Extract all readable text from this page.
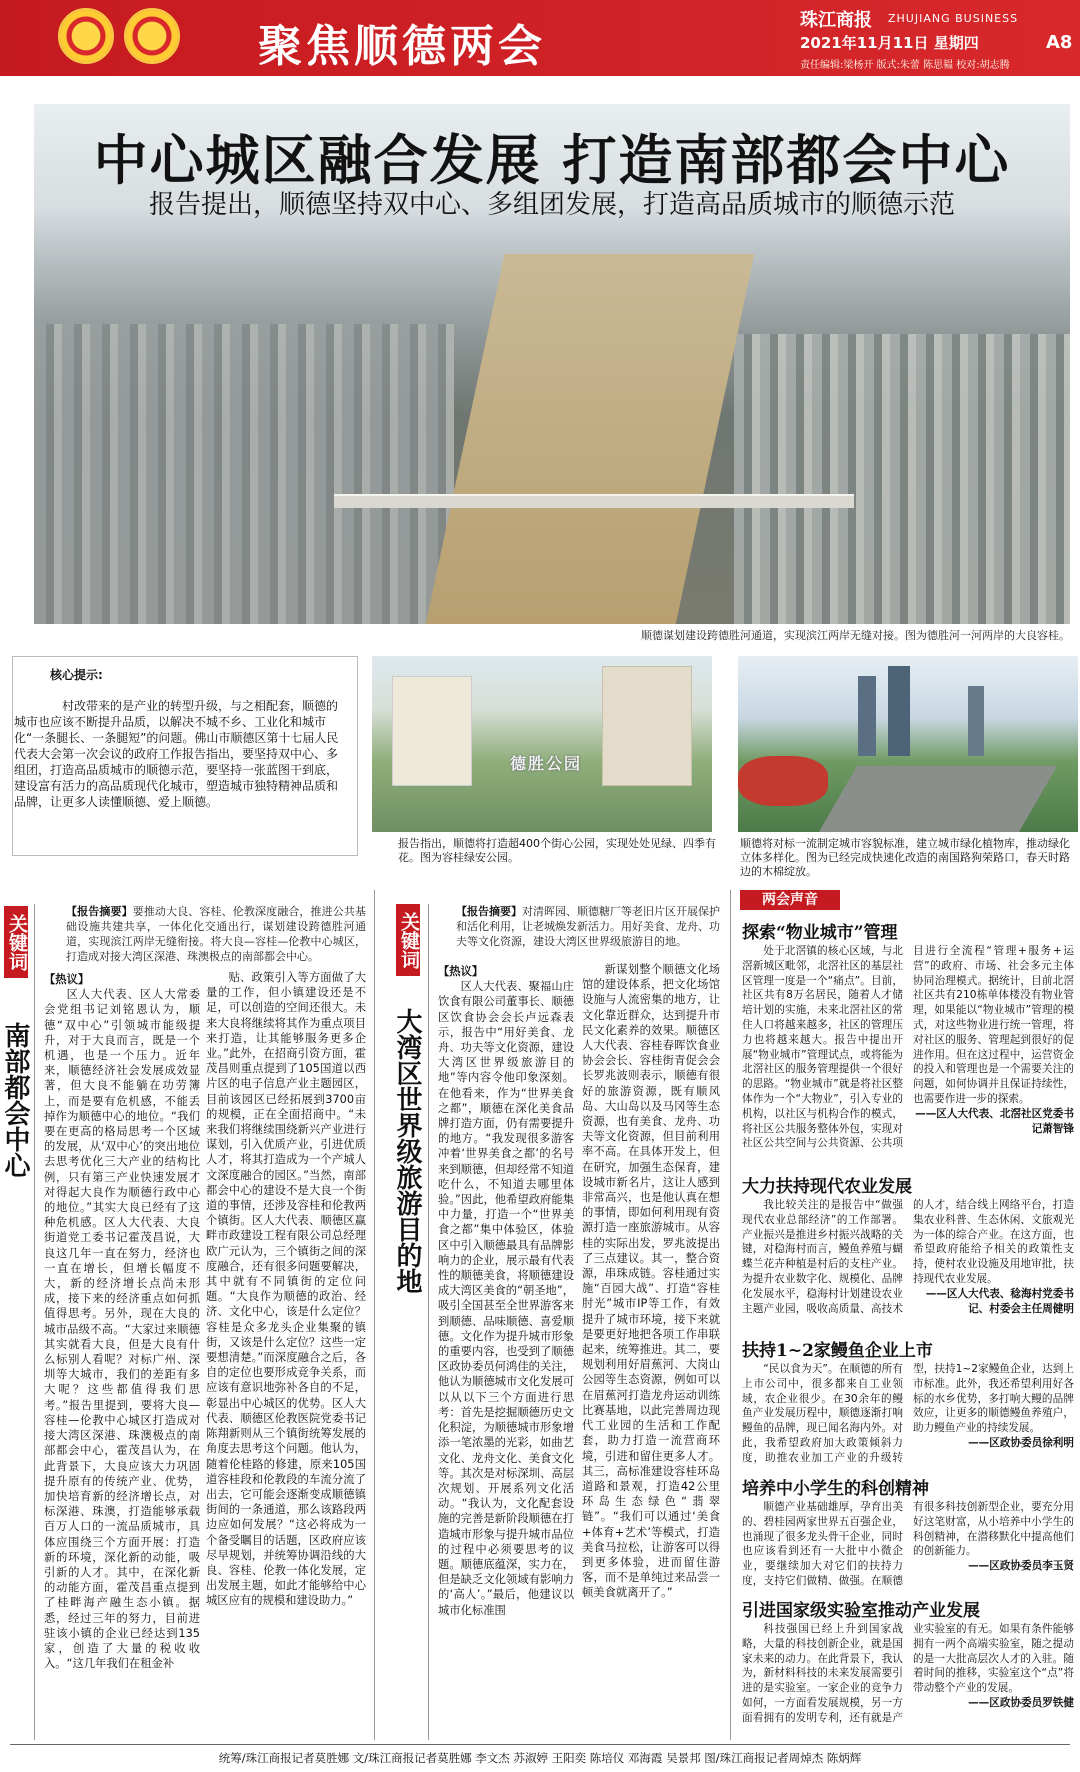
聚焦顺德两会
珠江商报 ZHUJIANG BUSINESS
2021年11月11日 星期四	A8
责任编辑:梁杨开 版式:朱蕾 陈思韫 校对:胡志腾
中心城区融合发展 打造南部都会中心
报告提出，顺德坚持双中心、多组团发展，打造高品质城市的顺德示范
顺德谋划建设跨德胜河通道，实现滨江两岸无缝对接。图为德胜河一河两岸的大良容桂。
核心提示:
村改带来的是产业的转型升级，与之相配套，顺德的城市也应该不断提升品质，以解决不城不乡、工业化和城市化“一条腿长、一条腿短”的问题。佛山市顺德区第十七届人民代表大会第一次会议的政府工作报告指出，要坚持双中心、多组团，打造高品质城市的顺德示范，要坚持一张蓝图干到底，建设富有活力的高品质现代化城市，塑造城市独特精神品质和品牌，让更多人读懂顺德、爱上顺德。
德胜公园
报告指出，顺德将打造超400个街心公园，实现处处见绿、四季有花。图为容桂绿安公园。
顺德将对标一流制定城市容貌标准，建立城市绿化植物库，推动绿化立体多样化。图为已经完成快速化改造的南国路狗荣路口，春天时路边的木棉绽放。
关键词
南部都会中心
【报告摘要】要推动大良、容桂、伦教深度融合，推进公共基础设施共建共享，一体化化交通出行，谋划建设跨德胜河通道，实现滨江两岸无缝衔接。将大良—容桂—伦教中心城区，打造成对接大湾区深港、珠澳极点的南部都会中心。
【热议】

区人大代表、区人大常委会党组书记刘铭恩认为，顺德“双中心”引领城市能级提升，对于大良而言，既是一个机遇，也是一个压力。近年来，顺德经济社会发展成效显著，但大良不能躺在功劳簿上，而是要有危机感，不能丢掉作为顺德中心的地位。“我们要在更高的格局思考一个区域的发展，从‘双中心’的突出地位去思考优化三大产业的结构比例，只有第三产业快速发展才对得起大良作为顺德行政中心的地位。”其实大良已经有了这种危机感。区人大代表、大良街道党工委书记霍茂昌说，大良这几年一直在努力，经济也一直在增长，但增长幅度不大，新的经济增长点尚未形成，接下来的经济重点如何抓值得思考。另外，现在大良的城市品级不高。“大家过来顺德其实就看大良，但是大良有什么标别人看呢？对标广州、深圳等大城市，我们的差距有多大呢？这些都值得我们思考。”报告里提到，要将大良—容桂—伦教中心城区打造成对接大湾区深港、珠澳极点的南部都会中心，霍茂昌认为，在此背景下，大良应该大力巩固提升原有的传统产业、优势，加快培育新的经济增长点，对标深港、珠澳，打造能够承载百万人口的一流品质城市，具体应围绕三个方面开展：打造新的环境，深化新的动能，吸引新的人才。其中，在深化新的动能方面，霍茂昌重点提到了桂畔海产融生态小镇。据悉，经过三年的努力，目前进驻该小镇的企业已经达到135家，创造了大量的税收收入。“这几年我们在租金补

贴、政策引入等方面做了大量的工作，但小镇建设还是不足，可以创造的空间还很大。未来大良将继续将其作为重点项目来打造，让其能够服务更多企业。”此外，在招商引资方面，霍茂昌则重点提到了105国道以西片区的电子信息产业主题园区，目前该园区已经拓展到3700亩的规模，正在全面招商中。“未来我们将继续围绕新兴产业进行谋划，引入优质产业，引进优质人才，将其打造成为一个产城人文深度融合的园区。”当然，南部都会中心的建设不是大良一个街道的事情，还涉及容桂和伦教两个镇街。区人大代表、顺德区赢畔市政建设工程有限公司总经理欧广元认为，三个镇街之间的深度融合，还有很多问题要解决，其中就有不同镇街的定位问题。“大良作为顺德的政治、经济、文化中心，该是什么定位？容桂是众多龙头企业集聚的镇街，又该是什么定位？这些一定要想清楚。”而深度融合之后，各自的定位也要形成竞争关系，而应该有意识地弥补各自的不足，彰显出中心城区的优势。区人大代表、顺德区伦教医院党委书记陈翔新则从三个镇街统筹发展的角度去思考这个问题。他认为，随着伦桂路的修建，原来105国道容桂段和伦教段的车流分流了出去，它可能会逐渐变成顺德镇街间的一条通道，那么该路段两边应如何发展？“这必将成为一个备受瞩目的话题，区政府应该尽早规划，并统筹协调沿线的大良、容桂、伦教一体化发展，定出发展主题，如此才能够给中心城区应有的规模和建设助力。”

关键词
大湾区世界级旅游目的地
【报告摘要】对清晖园、顺德糖厂等老旧片区开展保护和活化利用，让老城焕发新活力。用好美食、龙舟、功夫等文化资源，建设大湾区世界级旅游目的地。
【热议】

区人大代表、聚福山庄饮食有限公司董事长、顺德区饮食协会会长卢远森表示，报告中“用好美食、龙舟、功夫等文化资源，建设大湾区世界级旅游目的地”等内容令他印象深刻。在他看来，作为“世界美食之都”，顺德在深化美食品牌打造方面，仍有需要提升的地方。“我发现很多游客冲着‘世界美食之都’的名号来到顺德，但却经常不知道吃什么，不知道去哪里体验。”因此，他希望政府能集中力量，打造一个“世界美食之都”集中体验区，体验区中引入顺德最具有品牌影响力的企业，展示最有代表性的顺德美食，将顺德建设成大湾区美食的“朝圣地”，吸引全国甚至全世界游客来到顺德、品味顺德、喜爱顺德。文化作为提升城市形象的重要内容，也受到了顺德区政协委员何鸿佳的关注，他认为顺德城市文化发展可以从以下三个方面进行思考：首先是挖掘顺德历史文化积淀，为顺德城市形象增添一笔浓墨的光彩，如曲艺文化、龙舟文化、美食文化等。其次是对标深圳、高层次规划、开展系列文化活动。“我认为，文化配套设施的完善是新阶段顺德在打造城市形象与提升城市品位的过程中必须要思考的议题。顺德底蕴深，实力在，但是缺乏文化领域有影响力的‘高人’。”最后，他建议以城市化标准围

新谋划整个顺德文化场馆的建设体系，把文化场馆设施与人流密集的地方，让文化靠近群众，达到提升市民文化素养的效果。顺德区人大代表、容桂春晖饮食业协会会长、容桂街青促会会长罗兆波则表示，顺德有很好的旅游资源，既有顺风岛、大山岛以及马冈等生态资源，也有美食、龙舟、功夫等文化资源，但目前利用率不高。在具体开发上，但在研究，加强生态保育，建设城市新名片，这让人感到非常高兴，也是他认真在想的事情，即如何利用现有资源打造一座旅游城市。从容桂的实际出发，罗兆波提出了三点建议。其一，整合资源，串珠成链。容桂通过实施“百园大战”、打造“容桂肘光”城市IP等工作，有效提升了城市环境，接下来就是要更好地把各项工作串联起来，统筹推进。其二，要规划利用好眉蕉河、大岗山公园等生态资源，例如可以在眉蕉河打造龙舟运动训练比赛基地，以此完善周边现代工业园的生活和工作配套，助力打造一流营商环境，引进和留住更多人才。其三，高标准建设容桂环岛道路和景观，打造42公里环岛生态绿色“翡翠链”。“我们可以通过‘美食+体育+艺术’等模式，打造美食马拉松，让游客可以得到更多体验，进而留住游客，而不是单纯过来品尝一顿美食就离开了。”

两会声音
探索“物业城市”管理

处于北滘镇的核心区域，与北滘新城区毗邻，北滘社区的基层社区管理一度是一个“痛点”。目前，社区共有8万名居民，随着人才储培计划的实施，未来北滘社区的常住人口将越来越多，社区的管理压力也将越来越大。报告中提出开展“物业城市”管理试点，或将能为北滘社区的服务管理提供一个很好的思路。“物业城市”就是将社区整体作为一个“大物业”，引入专业的机构，以社区与机构合作的模式，将社区公共服务整体外包，实现对社区公共空间与公共资源、公共项目进行全流程“管理+服务+运营”的政府、市场、社会多元主体协同治理模式。据统计，目前北滘社区共有210栋单体楼没有物业管理，如果能以“物业城市”管理的模式，对这些物业进行统一管理，将对社区的服务、管理起到很好的促进作用。但在这过程中，运营资金的投入和管理也是一个需要关注的问题，如何协调并且保证持续性，也需要作进一步的探索。

——区人大代表、北滘社区党委书记萧智锋

大力扶持现代农业发展

我比较关注的是报告中“做强现代农业总部经济”的工作部署。产业振兴是推进乡村振兴战略的关键，对稳海村而言，鳗鱼养殖与蝴蝶兰花卉种植是村后的支柱产业。为提升农业数字化、规模化、品牌化发展水平，稳海村计划建设农业主题产业园，吸收高质量、高技术的人才，结合线上网络平台，打造集农业科普、生态休闲、文旅观光为一体的综合产业。在这方面，也希望政府能给予相关的政策性支持，使村农业设施及用地审批，扶持现代农业发展。

——区人大代表、稔海村党委书记、村委会主任周健明

扶持1~2家鳗鱼企业上市

“民以食为天”。在顺德的所有上市公司中，很多都来自工业领域，农企业很少。在30余年的鳗鱼产业发展历程中，顺德逐渐打响鳗鱼的品牌，现已闻名海内外。对此，我希望政府加大政策倾斜力度，助推农业加工产业的升级转型，扶持1~2家鳗鱼企业，达到上市标准。此外，我还希望利用好各标的水乡优势，多打响大鳗的品牌效应，让更多的顺德鳗鱼养殖户，助力鳗鱼产业的持续发展。

——区政协委员徐利明

培养中小学生的科创精神

顺德产业基础雄厚，孕育出美的、碧桂园两家世界五百强企业，也涌现了很多龙头骨干企业，同时也应该看到还有一大批中小微企业，要继续加大对它们的扶持力度，支持它们做精、做强。在顺德有很多科技创新型企业，要充分用好这笔财富，从小培养中小学生的科创精神，在潜移默化中提高他们的创新能力。

——区政协委员李玉贤

引进国家级实验室推动产业发展

科技强国已经上升到国家战略，大量的科技创新企业，就是国家未来的动力。在此背景下，我认为，新材料科技的未来发展需要引进的是实验室。一家企业的竞争力如何，一方面看发展规模，另一方面看拥有的发明专利，还有就是产业实验室的有无。如果有条件能够拥有一两个高端实验室，随之提动的是一大批高层次人才的入驻。随着时间的推移，实验室这个“点”将带动整个产业的发展。

——区政协委员罗铁健

统筹/珠江商报记者莫胜娜 文/珠江商报记者莫胜娜 李文杰 苏淑婷 王阳奕 陈培仪 邓海霞 吴景邦 图/珠江商报记者周焯杰 陈炳辉
